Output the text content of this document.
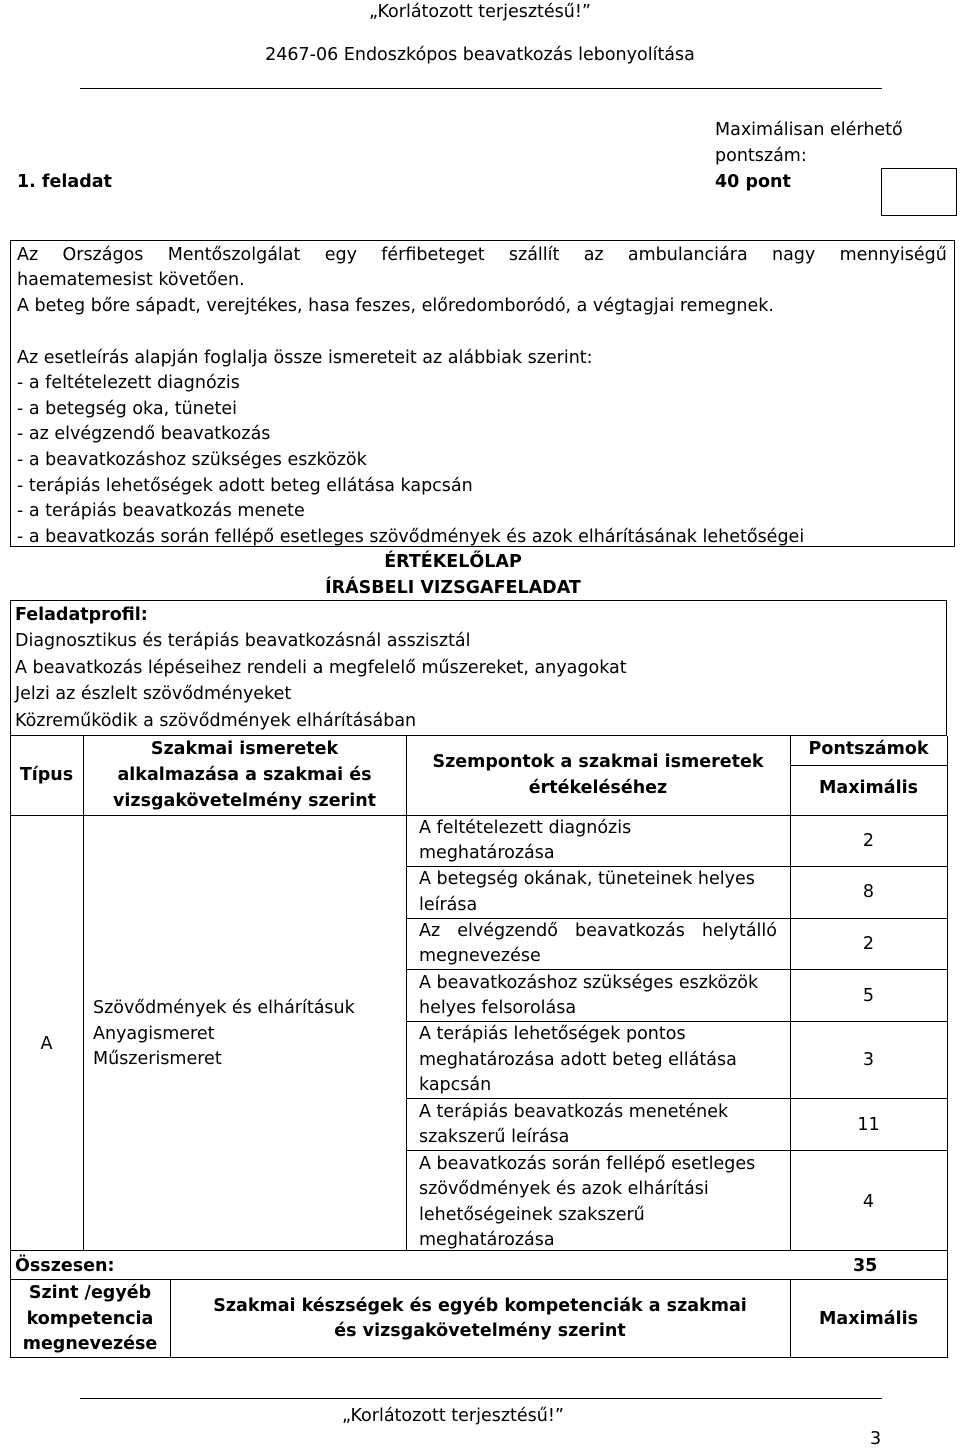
„Korlátozott terjesztésű!”
2467-06 Endoszkópos beavatkozás lebonyolítása
Maximálisan elérhető
pontszám:
1. feladat	40 pont
Az Országos Mentőszolgálat egy férfibeteget szállít az ambulanciára nagy mennyiségű
haematemesist követően.
A beteg bőre sápadt, verejtékes, hasa feszes, előredomboródó, a végtagjai remegnek.
Az esetleírás alapján foglalja össze ismereteit az alábbiak szerint:
- a feltételezett diagnózis
- a betegség oka, tünetei
- az elvégzendő beavatkozás
- a beavatkozáshoz szükséges eszközök
- terápiás lehetőségek adott beteg ellátása kapcsán
- a terápiás beavatkozás menete
- a beavatkozás során fellépő esetleges szövődmények és azok elhárításának lehetőségei
ÉRTÉKELŐLAP
ÍRÁSBELI VIZSGAFELADAT
Feladatprofil:
Diagnosztikus és terápiás beavatkozásnál asszisztál
A beavatkozás lépéseihez rendeli a megfelelő műszereket, anyagokat
Jelzi az észlelt szövődményeket
Közreműködik a szövődmények elhárításában
Típus
Szakmai ismeretek
alkalmazása a szakmai és
vizsgakövetelmény szerint
Szempontok a szakmai ismeretek
értékeléséhez
Pontszámok
Maximális
A
Szövődmények és elhárításuk
Anyagismeret
Műszerismeret
A feltételezett diagnózis
meghatározása
2
A betegség okának, tüneteinek helyes
leírása
8
Az elvégzendő beavatkozás helytálló
megnevezése
2
A beavatkozáshoz szükséges eszközök
helyes felsorolása
5
A terápiás lehetőségek pontos
meghatározása adott beteg ellátása
kapcsán
3
A terápiás beavatkozás menetének
szakszerű leírása
11
A beavatkozás során fellépő esetleges
szövődmények és azok elhárítási
lehetőségeinek szakszerű
meghatározása
4
Összesen:	35
Szint /egyéb
kompetencia
megnevezése
Szakmai készségek és egyéb kompetenciák a szakmai
és vizsgakövetelmény szerint
Maximális
„Korlátozott terjesztésű!”
3
